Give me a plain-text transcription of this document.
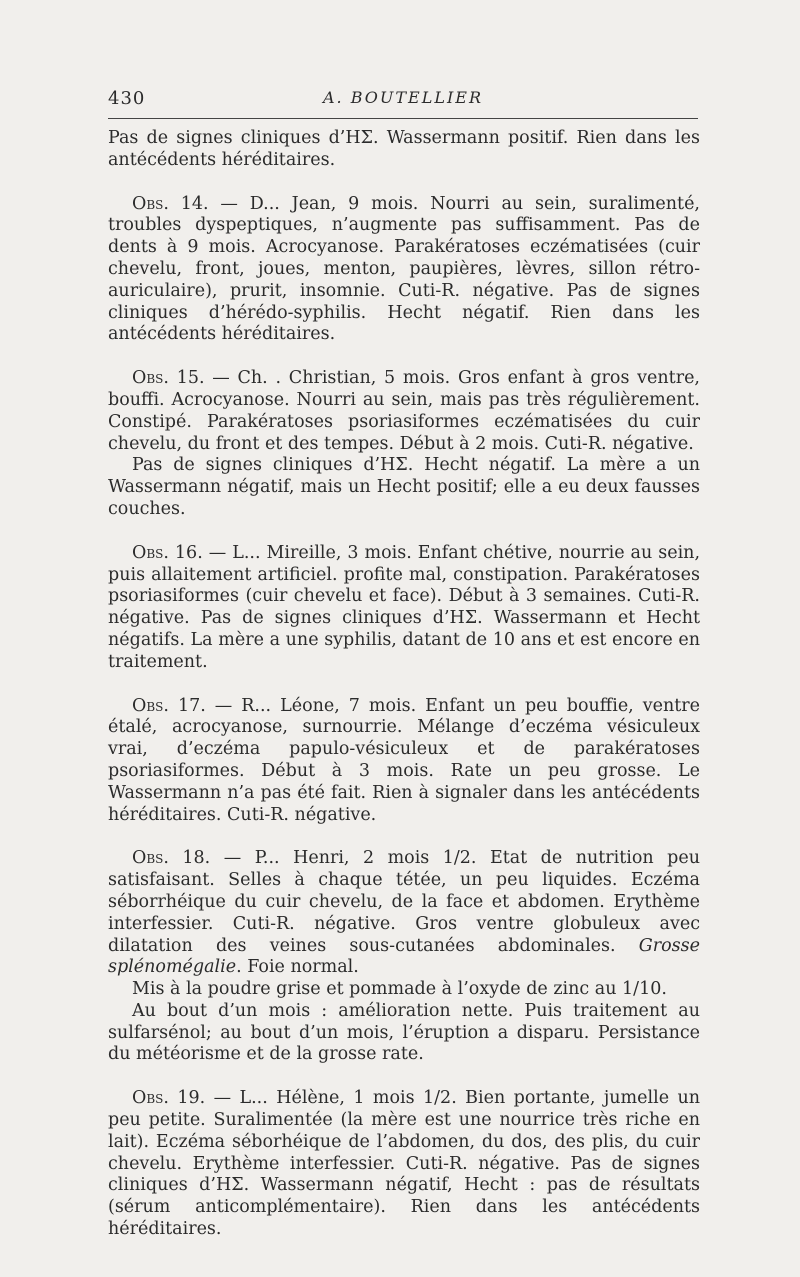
430	A. BOUTELLIER

Pas de signes cliniques d’HΣ. Wassermann positif. Rien dans les antécédents héréditaires.

Obs. 14. — D... Jean, 9 mois. Nourri au sein, suralimenté, troubles dyspeptiques, n’augmente pas suffisamment. Pas de dents à 9 mois. Acrocyanose. Parakératoses eczématisées (cuir chevelu, front, joues, menton, paupières, lèvres, sillon rétro-auriculaire), prurit, insomnie. Cuti-R. négative. Pas de signes cliniques d’hérédo-syphilis. Hecht négatif. Rien dans les antécédents héréditaires.

Obs. 15. — Ch. . Christian, 5 mois. Gros enfant à gros ventre, bouffi. Acrocyanose. Nourri au sein, mais pas très régulièrement. Constipé. Parakératoses psoriasiformes eczématisées du cuir chevelu, du front et des tempes. Début à 2 mois. Cuti-R. négative.

Pas de signes cliniques d’HΣ. Hecht négatif. La mère a un Wassermann négatif, mais un Hecht positif; elle a eu deux fausses couches.

Obs. 16. — L... Mireille, 3 mois. Enfant chétive, nourrie au sein, puis allaitement artificiel. profite mal, constipation. Parakératoses psoriasiformes (cuir chevelu et face). Début à 3 semaines. Cuti-R. négative. Pas de signes cliniques d’HΣ. Wassermann et Hecht négatifs. La mère a une syphilis, datant de 10 ans et est encore en traitement.

Obs. 17. — R... Léone, 7 mois. Enfant un peu bouffie, ventre étalé, acrocyanose, surnourrie. Mélange d’eczéma vésiculeux vrai, d’eczéma papulo-vésiculeux et de parakératoses psoriasiformes. Début à 3 mois. Rate un peu grosse. Le Wassermann n’a pas été fait. Rien à signaler dans les antécédents héréditaires. Cuti-R. négative.

Obs. 18. — P... Henri, 2 mois 1/2. Etat de nutrition peu satisfaisant. Selles à chaque tétée, un peu liquides. Eczéma séborrhéique du cuir chevelu, de la face et abdomen. Erythème interfessier. Cuti-R. négative. Gros ventre globuleux avec dilatation des veines sous-cutanées abdominales. Grosse splénomégalie. Foie normal.

Mis à la poudre grise et pommade à l’oxyde de zinc au 1/10.

Au bout d’un mois : amélioration nette. Puis traitement au sulfarsénol; au bout d’un mois, l’éruption a disparu. Persistance du météorisme et de la grosse rate.

Obs. 19. — L... Hélène, 1 mois 1/2. Bien portante, jumelle un peu petite. Suralimentée (la mère est une nourrice très riche en lait). Eczéma séborhéique de l’abdomen, du dos, des plis, du cuir chevelu. Erythème interfessier. Cuti-R. négative. Pas de signes cliniques d’HΣ. Wassermann négatif, Hecht : pas de résultats (sérum anticomplémentaire). Rien dans les antécédents héréditaires.
